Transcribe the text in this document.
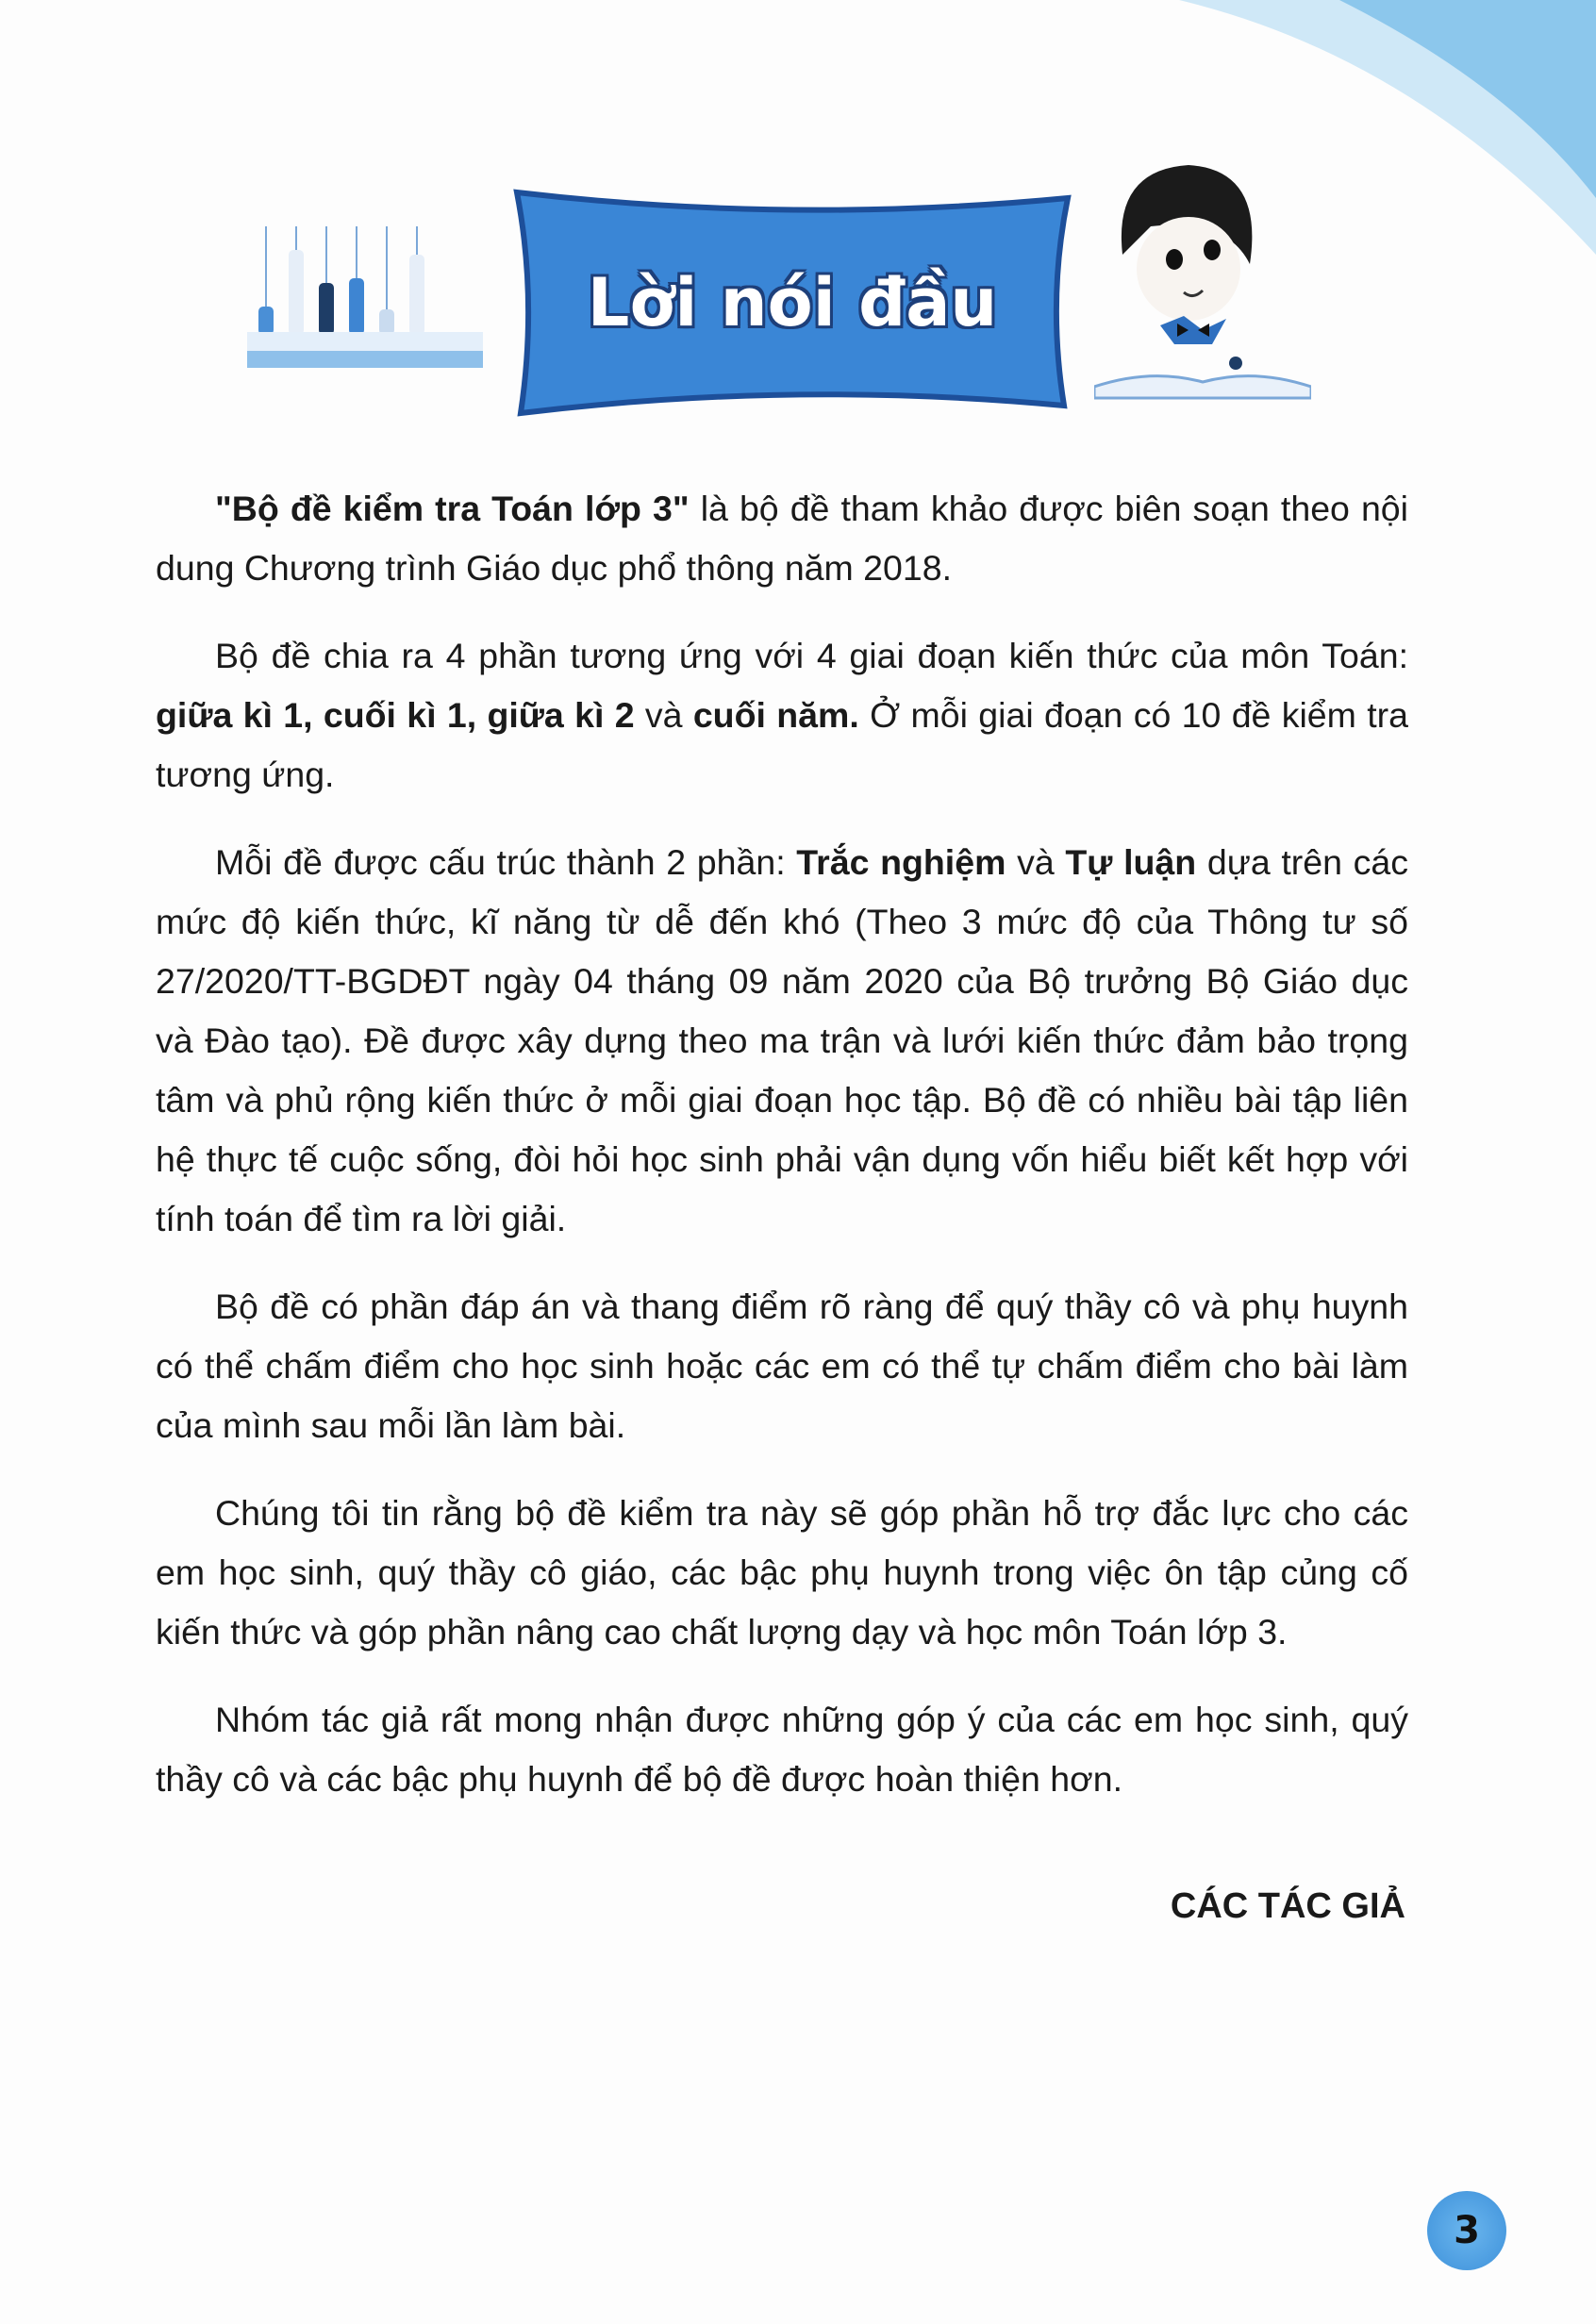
Lời nói đầu

"Bộ đề kiểm tra Toán lớp 3" là bộ đề tham khảo được biên soạn theo nội dung Chương trình Giáo dục phổ thông năm 2018.

Bộ đề chia ra 4 phần tương ứng với 4 giai đoạn kiến thức của môn Toán: giữa kì 1, cuối kì 1, giữa kì 2 và cuối năm. Ở mỗi giai đoạn có 10 đề kiểm tra tương ứng.

Mỗi đề được cấu trúc thành 2 phần: Trắc nghiệm và Tự luận dựa trên các mức độ kiến thức, kĩ năng từ dễ đến khó (Theo 3 mức độ của Thông tư số 27/2020/TT-BGDĐT ngày 04 tháng 09 năm 2020 của Bộ trưởng Bộ Giáo dục và Đào tạo). Đề được xây dựng theo ma trận và lưới kiến thức đảm bảo trọng tâm và phủ rộng kiến thức ở mỗi giai đoạn học tập. Bộ đề có nhiều bài tập liên hệ thực tế cuộc sống, đòi hỏi học sinh phải vận dụng vốn hiểu biết kết hợp với tính toán để tìm ra lời giải.

Bộ đề có phần đáp án và thang điểm rõ ràng để quý thầy cô và phụ huynh có thể chấm điểm cho học sinh hoặc các em có thể tự chấm điểm cho bài làm của mình sau mỗi lần làm bài.

Chúng tôi tin rằng bộ đề kiểm tra này sẽ góp phần hỗ trợ đắc lực cho các em học sinh, quý thầy cô giáo, các bậc phụ huynh trong việc ôn tập củng cố kiến thức và góp phần nâng cao chất lượng dạy và học môn Toán lớp 3.

Nhóm tác giả rất mong nhận được những góp ý của các em học sinh, quý thầy cô và các bậc phụ huynh để bộ đề được hoàn thiện hơn.

CÁC TÁC GIẢ
3
